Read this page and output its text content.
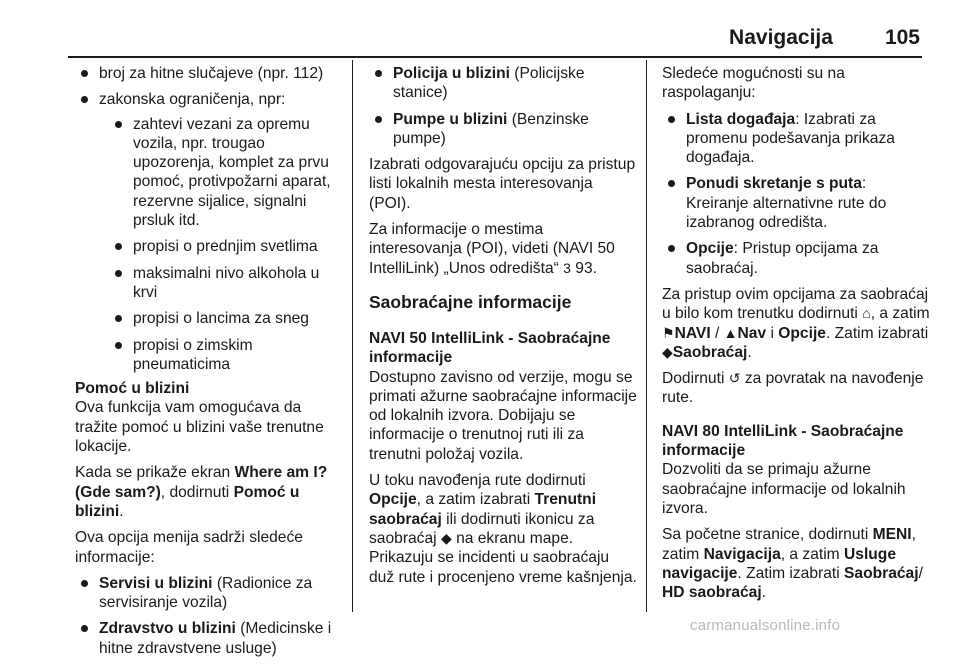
Navigacija 105
broj za hitne slučajeve (npr. 112)
zakonska ograničenja, npr:
zahtevi vezani za opremu vozila, npr. trougao upozorenja, komplet za prvu pomoć, protivpožarni aparat, rezervne sijalice, signalni prsluk itd.
propisi o prednjim svetlima
maksimalni nivo alkohola u krvi
propisi o lancima za sneg
propisi o zimskim pneumaticima
Pomoć u blizini

Ova funkcija vam omogućava da tražite pomoć u blizini vaše trenutne lokacije.

Kada se prikaže ekran Where am I? (Gde sam?), dodirnuti Pomoć u blizini.

Ova opcija menija sadrži sledeće informacije:

Servisi u blizini (Radionice za servisiranje vozila)
Zdravstvo u blizini (Medicinske i hitne zdravstvene usluge)
Policija u blizini (Policijske stanice)
Pumpe u blizini (Benzinske pumpe)

Izabrati odgovarajuću opciju za pristup listi lokalnih mesta interesovanja (POI).

Za informacije o mestima interesovanja (POI), videti (NAVI 50 IntelliLink) „Unos odredišta“ 3 93.

Saobraćajne informacije
NAVI 50 IntelliLink - Saobraćajne informacije

Dostupno zavisno od verzije, mogu se primati ažurne saobraćajne informacije od lokalnih izvora. Dobijaju se informacije o trenutnoj ruti ili za trenutni položaj vozila.

U toku navođenja rute dodirnuti Opcije, a zatim izabrati Trenutni saobraćaj ili dodirnuti ikonicu za saobraćaj ◆ na ekranu mape. Prikazuju se incidenti u saobraćaju duž rute i procenjeno vreme kašnjenja.

Sledeće mogućnosti su na raspolaganju:

Lista događaja: Izabrati za promenu podešavanja prikaza događaja.
Ponudi skretanje s puta: Kreiranje alternativne rute do izabranog odredišta.
Opcije: Pristup opcijama za saobraćaj.

Za pristup ovim opcijama za saobraćaj u bilo kom trenutku dodirnuti ⌂, a zatim ⚑NAVI / ▲Nav i Opcije. Zatim izabrati ◆Saobraćaj.

Dodirnuti ↺ za povratak na navođenje rute.

NAVI 80 IntelliLink - Saobraćajne informacije

Dozvoliti da se primaju ažurne saobraćajne informacije od lokalnih izvora.

Sa početne stranice, dodirnuti MENI, zatim Navigacija, a zatim Usluge navigacije. Zatim izabrati Saobraćaj/ HD saobraćaj.

carmanualsonline.info
